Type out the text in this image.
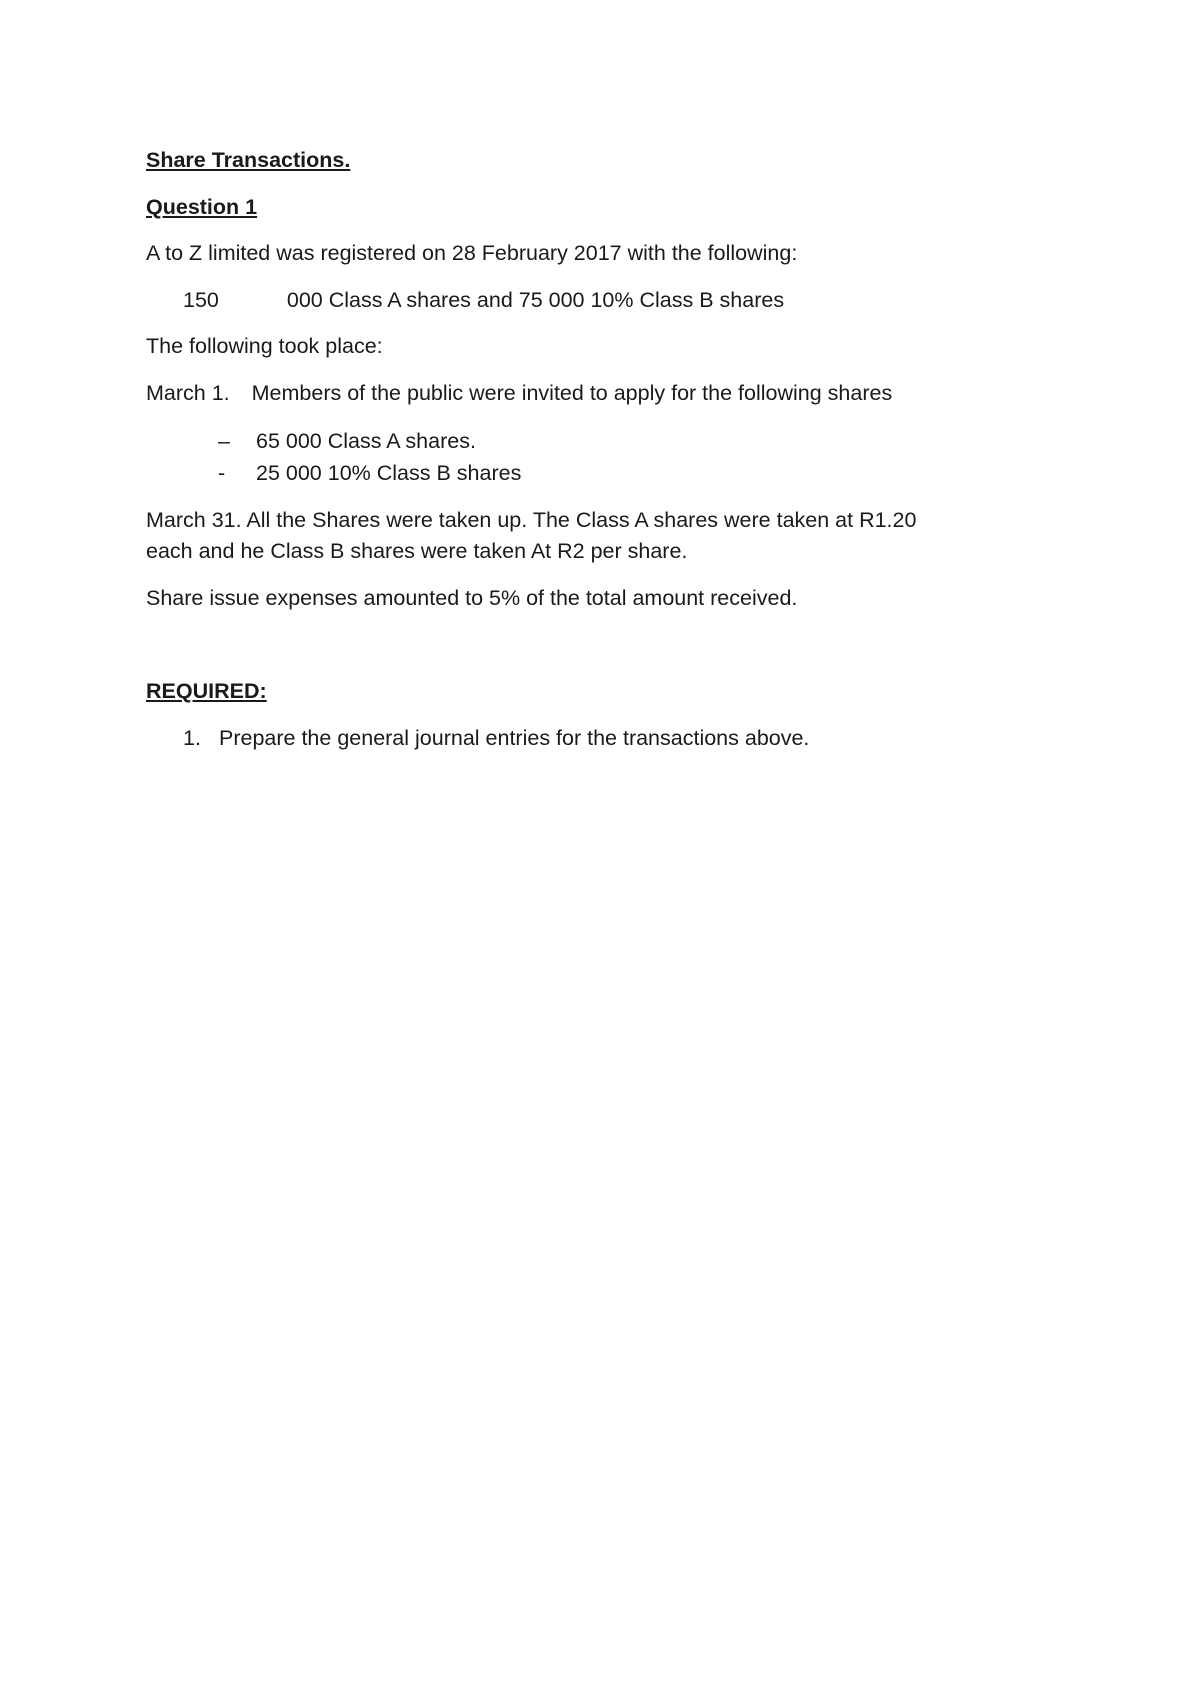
Share Transactions.
Question 1
A to Z limited was registered on 28 February 2017 with the following:
150	000 Class A shares and 75 000 10% Class B shares
The following took place:
March 1. Members of the public were invited to apply for the following shares
– 65 000 Class A shares.
- 25 000 10% Class B shares
March 31. All the Shares were taken up. The Class A shares were taken at R1.20
each and he Class B shares were taken At R2 per share.
Share issue expenses amounted to 5% of the total amount received.
REQUIRED:
1. Prepare the general journal entries for the transactions above.
